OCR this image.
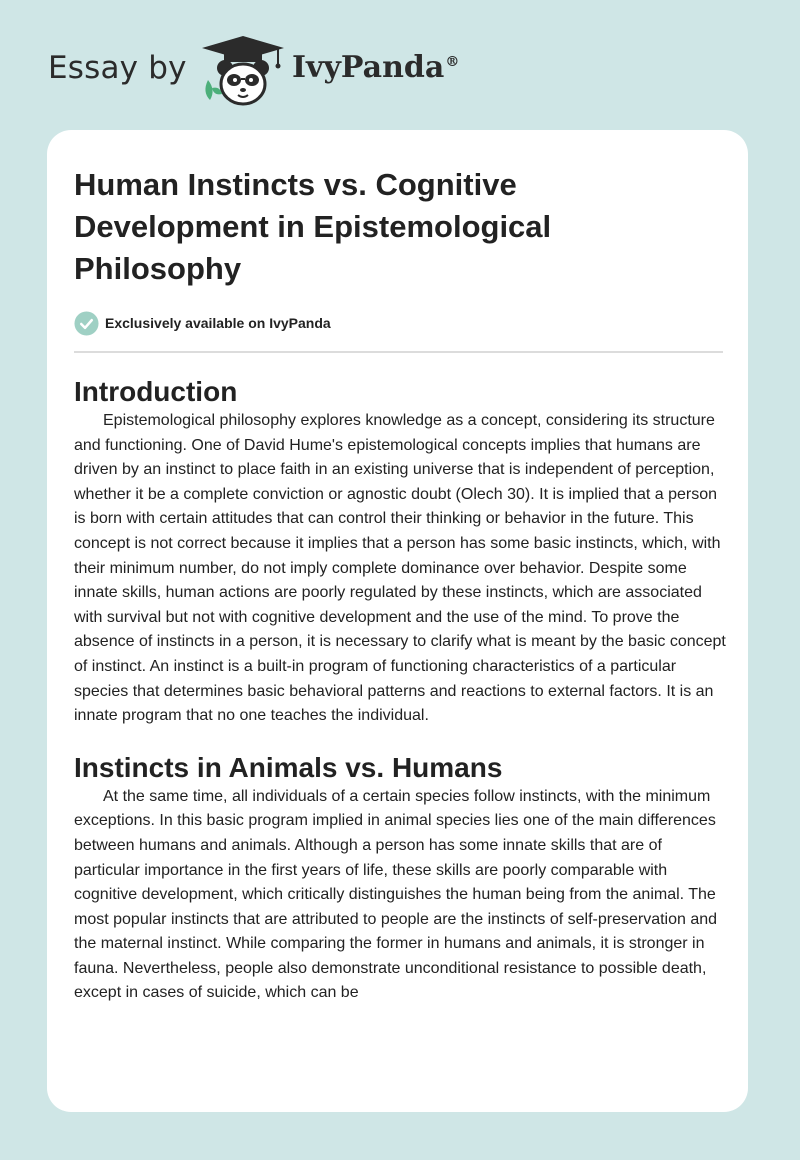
Essay by	IvyPanda®
Human Instincts vs. Cognitive Development in Epistemological Philosophy
Exclusively available on IvyPanda
Introduction

Epistemological philosophy explores knowledge as a concept, considering its structure and functioning. One of David Hume's epistemological concepts implies that humans are driven by an instinct to place faith in an existing universe that is independent of perception, whether it be a complete conviction or agnostic doubt (Olech 30). It is implied that a person is born with certain attitudes that can control their thinking or behavior in the future. This concept is not correct because it implies that a person has some basic instincts, which, with their minimum number, do not imply complete dominance over behavior. Despite some innate skills, human actions are poorly regulated by these instincts, which are associated with survival but not with cognitive development and the use of the mind. To prove the absence of instincts in a person, it is necessary to clarify what is meant by the basic concept of instinct. An instinct is a built-in program of functioning characteristics of a particular species that determines basic behavioral patterns and reactions to external factors. It is an innate program that no one teaches the individual.

Instincts in Animals vs. Humans

At the same time, all individuals of a certain species follow instincts, with the minimum exceptions. In this basic program implied in animal species lies one of the main differences between humans and animals. Although a person has some innate skills that are of particular importance in the first years of life, these skills are poorly comparable with cognitive development, which critically distinguishes the human being from the animal. The most popular instincts that are attributed to people are the instincts of self-preservation and the maternal instinct. While comparing the former in humans and animals, it is stronger in fauna. Nevertheless, people also demonstrate unconditional resistance to possible death, except in cases of suicide, which can be
